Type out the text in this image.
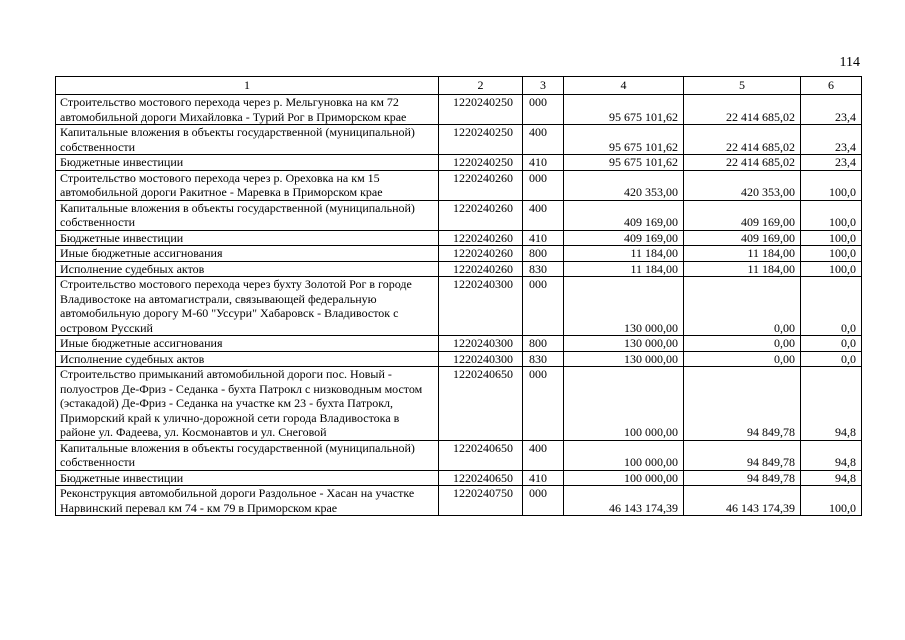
114
1	2	3	4	5	6
Строительство мостового перехода через р. Мельгуновка на км 72 автомобильной дороги Михайловка - Турий Рог в Приморском крае	1220240250	000	95 675 101,62	22 414 685,02	23,4
Капитальные вложения в объекты государственной (муниципальной) собственности	1220240250	400	95 675 101,62	22 414 685,02	23,4
Бюджетные инвестиции	1220240250	410	95 675 101,62	22 414 685,02	23,4
Строительство мостового перехода через р. Ореховка на км 15 автомобильной дороги Ракитное - Маревка в Приморском крае	1220240260	000	420 353,00	420 353,00	100,0
Капитальные вложения в объекты государственной (муниципальной) собственности	1220240260	400	409 169,00	409 169,00	100,0
Бюджетные инвестиции	1220240260	410	409 169,00	409 169,00	100,0
Иные бюджетные ассигнования	1220240260	800	11 184,00	11 184,00	100,0
Исполнение судебных актов	1220240260	830	11 184,00	11 184,00	100,0
Строительство мостового перехода через бухту Золотой Рог в городе Владивостоке на автомагистрали, связывающей федеральную автомобильную дорогу М-60 "Уссури" Хабаровск - Владивосток с островом Русский	1220240300	000	130 000,00	0,00	0,0
Иные бюджетные ассигнования	1220240300	800	130 000,00	0,00	0,0
Исполнение судебных актов	1220240300	830	130 000,00	0,00	0,0
Строительство примыканий автомобильной дороги пос. Новый - полуостров Де-Фриз - Седанка - бухта Патрокл с низководным мостом (эстакадой) Де-Фриз - Седанка на участке км 23 - бухта Патрокл, Приморский край к улично-дорожной сети города Владивостока в районе ул. Фадеева, ул. Космонавтов и ул. Снеговой	1220240650	000	100 000,00	94 849,78	94,8
Капитальные вложения в объекты государственной (муниципальной) собственности	1220240650	400	100 000,00	94 849,78	94,8
Бюджетные инвестиции	1220240650	410	100 000,00	94 849,78	94,8
Реконструкция автомобильной дороги Раздольное - Хасан на участке Нарвинский перевал км 74 - км 79 в Приморском крае	1220240750	000	46 143 174,39	46 143 174,39	100,0
